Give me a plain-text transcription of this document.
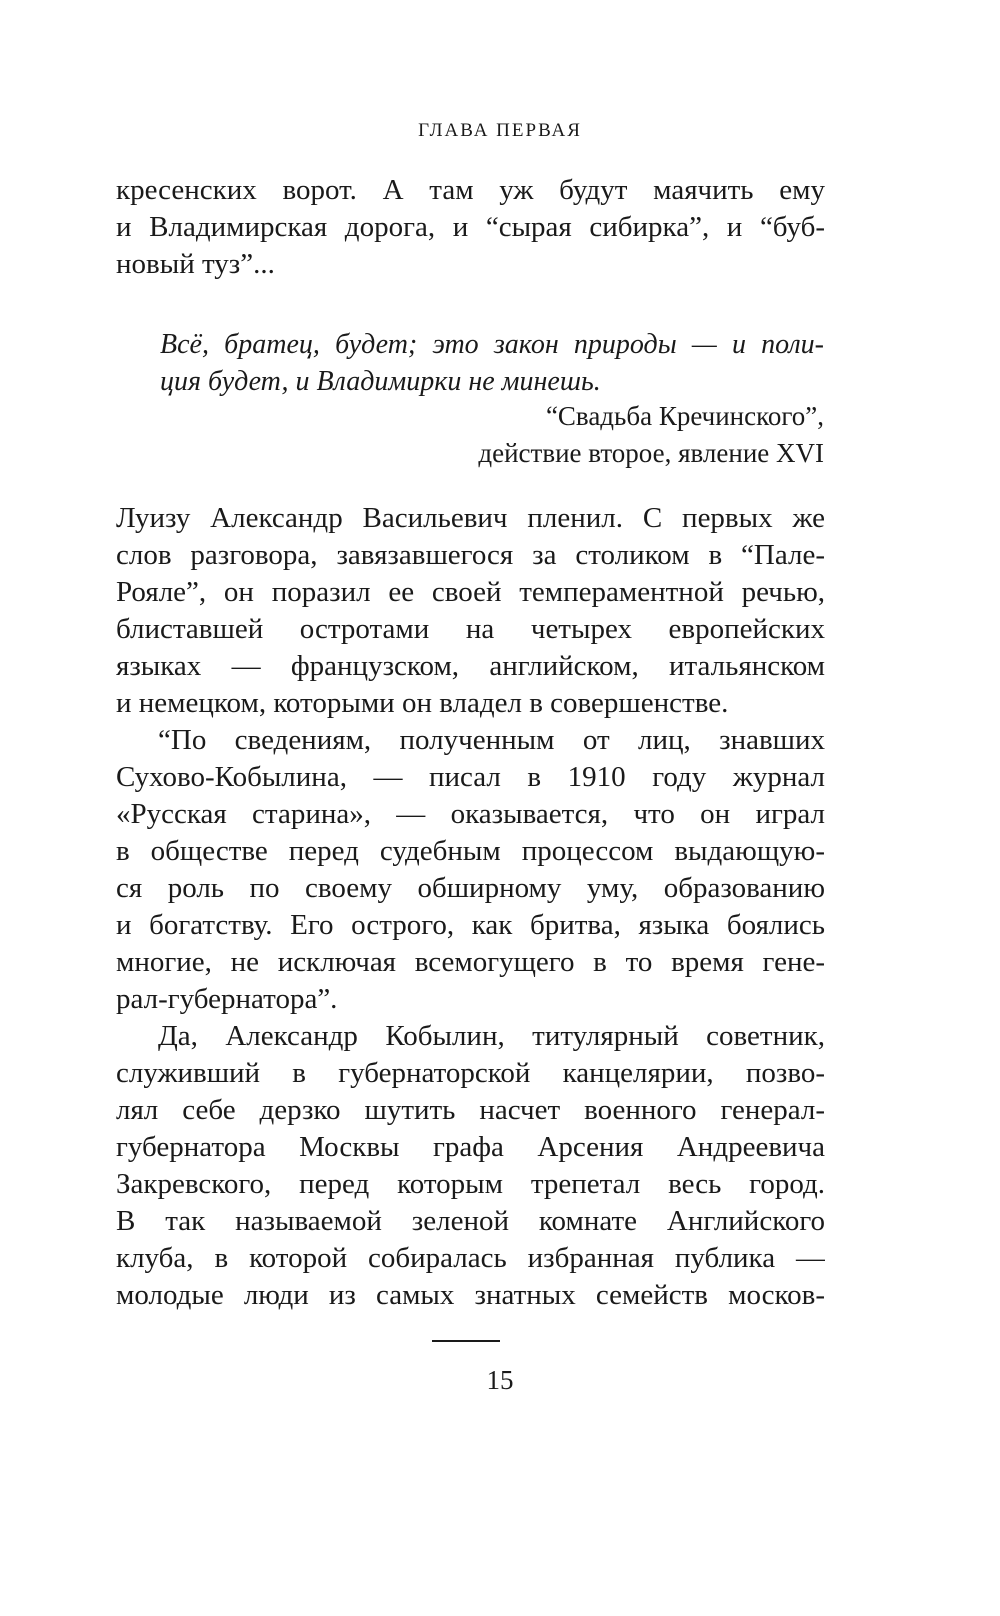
ГЛАВА ПЕРВАЯ
кресенских ворот. А там уж будут маячить ему
и Владимирская дорога, и “сырая сибирка”, и “буб-
новый туз”...
Всё, братец, будет; это закон природы — и поли-
ция будет, и Владимирки не минешь.
“Свадьба Кречинского”,
действие второе, явление XVI
Луизу Александр Васильевич пленил. С первых же
слов разговора, завязавшегося за столиком в “Пале-
Рояле”, он поразил ее своей темпераментной речью,
блиставшей остротами на четырех европейских
языках — французском, английском, итальянском
и немецком, которыми он владел в совершенстве.
“По сведениям, полученным от лиц, знавших
Сухово-Кобылина, — писал в 1910 году журнал
«Русская старина», — оказывается, что он играл
в обществе перед судебным процессом выдающую-
ся роль по своему обширному уму, образованию
и богатству. Его острого, как бритва, языка боялись
многие, не исключая всемогущего в то время гене-
рал-губернатора”.
Да, Александр Кобылин, титулярный советник,
служивший в губернаторской канцелярии, позво-
лял себе дерзко шутить насчет военного генерал-
губернатора Москвы графа Арсения Андреевича
Закревского, перед которым трепетал весь город.
В так называемой зеленой комнате Английского
клуба, в которой собиралась избранная публика —
молодые люди из самых знатных семейств москов-
15
